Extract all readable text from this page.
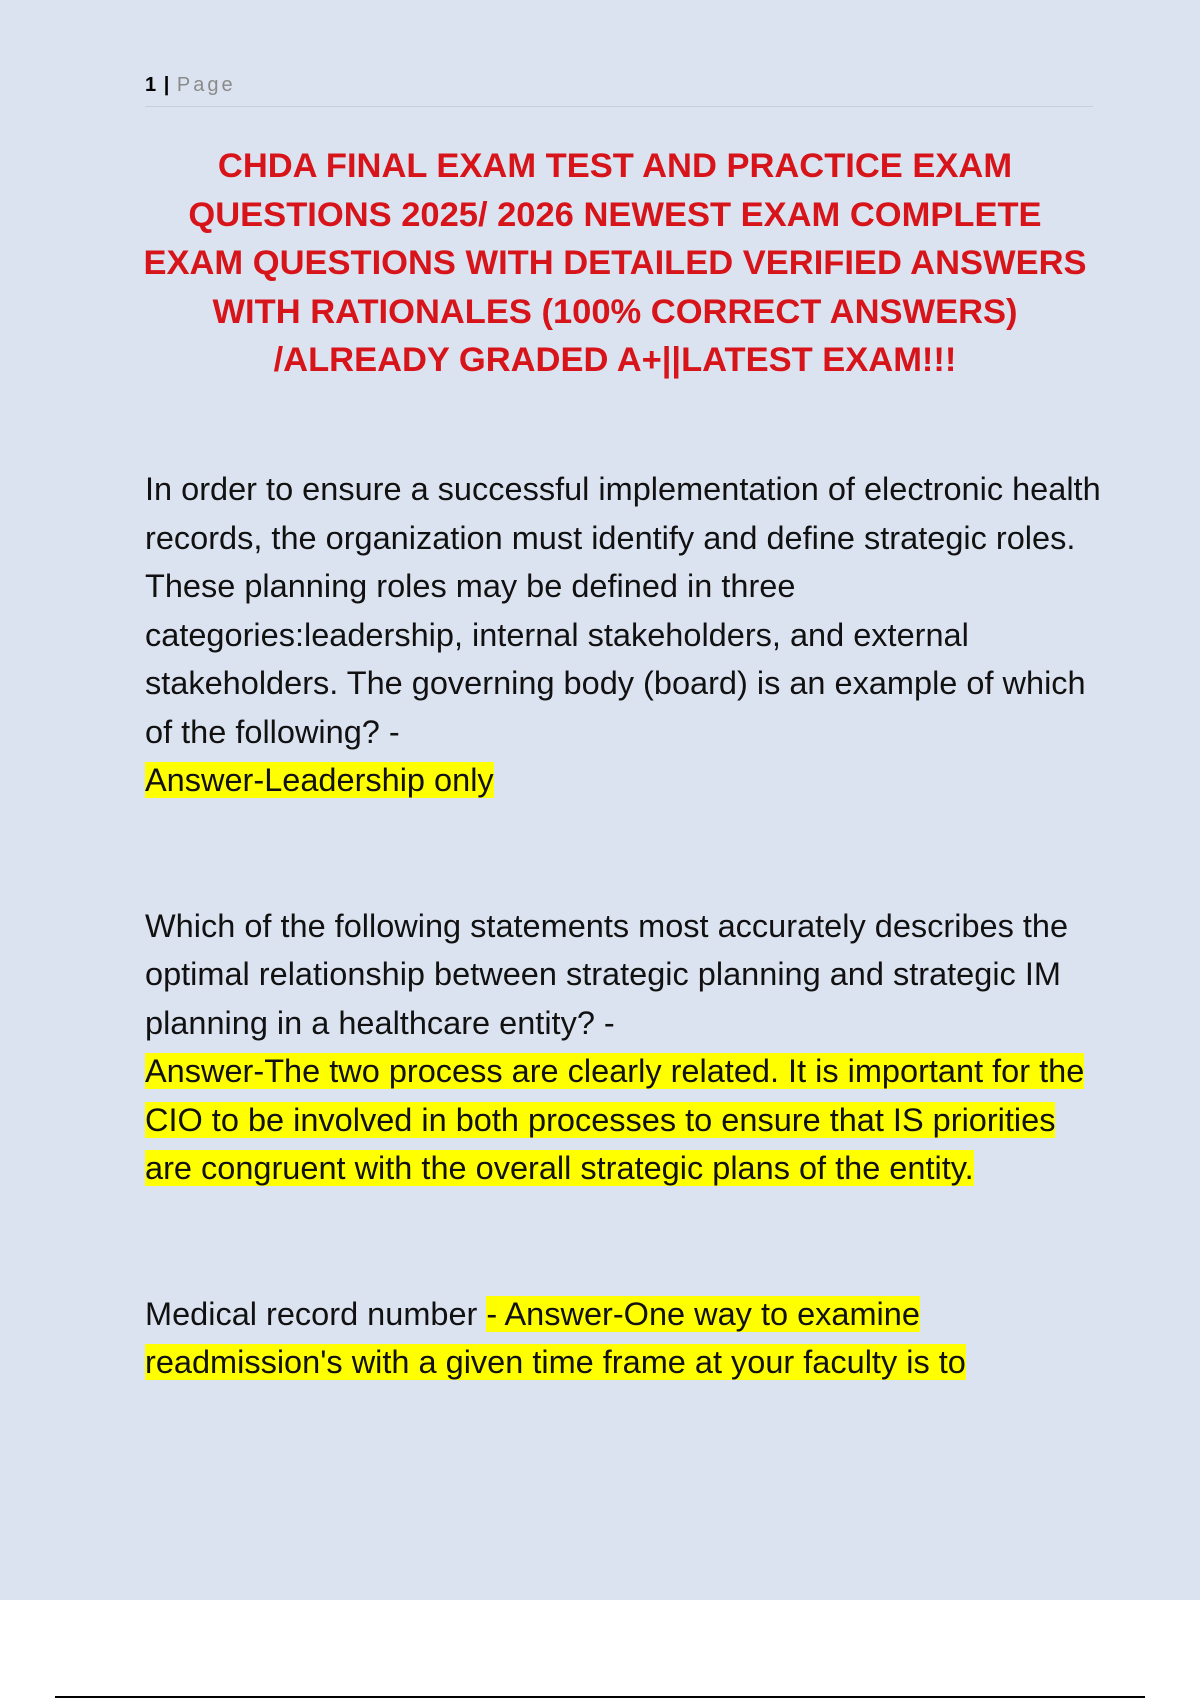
1 | Page
CHDA FINAL EXAM TEST AND PRACTICE EXAM QUESTIONS 2025/ 2026 NEWEST EXAM COMPLETE EXAM QUESTIONS WITH DETAILED VERIFIED ANSWERS WITH RATIONALES (100% CORRECT ANSWERS) /ALREADY GRADED A+||LATEST EXAM!!!

In order to ensure a successful implementation of electronic health records, the organization must identify and define strategic roles. These planning roles may be defined in three categories:leadership, internal stakeholders, and external stakeholders. The governing body (board) is an example of which of the following? -
Answer-Leadership only

Which of the following statements most accurately describes the optimal relationship between strategic planning and strategic IM planning in a healthcare entity? -
Answer-The two process are clearly related. It is important for the CIO to be involved in both processes to ensure that IS priorities are congruent with the overall strategic plans of the entity.

Medical record number - Answer-One way to examine readmission's with a given time frame at your faculty is to
